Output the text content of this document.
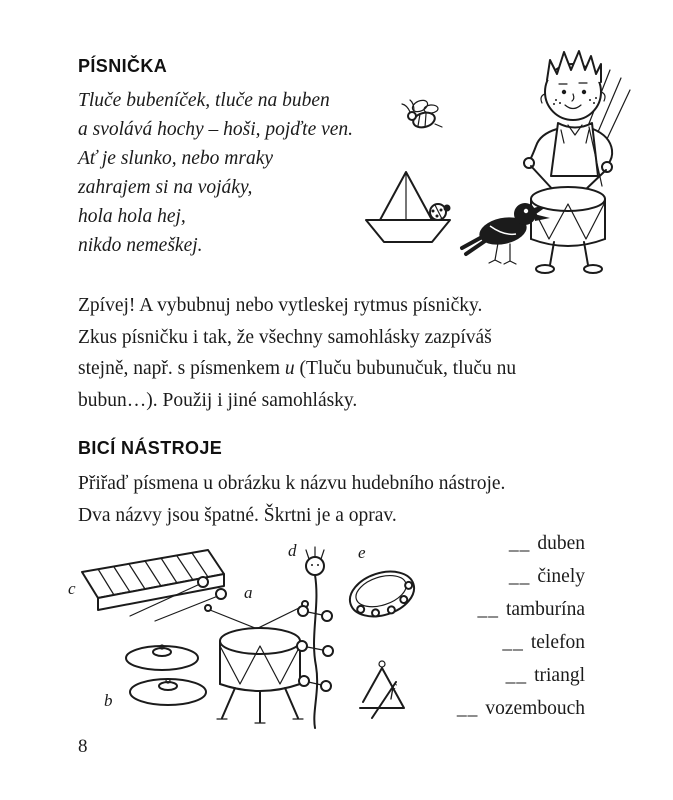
PÍSNIČKA
Tluče bubeníček, tluče na buben
a svolává hochy – hoši, pojďte ven.
Ať je slunko, nebo mraky
zahrajem si na vojáky,
hola hola hej,
nikdo nemeškej.
Zpívej! A vybubnuj nebo vytleskej rytmus písničky.
Zkus písničku i tak, že všechny samohlásky zazpíváš
stejně, např. s písmenkem u (Tluču bubunučuk, tluču nu
bubun…). Použij i jiné samohlásky.
BICÍ NÁSTROJE
Přiřaď písmena u obrázku k názvu hudebního nástroje.
Dva názvy jsou špatné. Škrtni je a oprav.
c	a
b
d	e
f
__ duben
__ činely
__ tamburína
__ telefon
__ triangl
__ vozembouch
8
